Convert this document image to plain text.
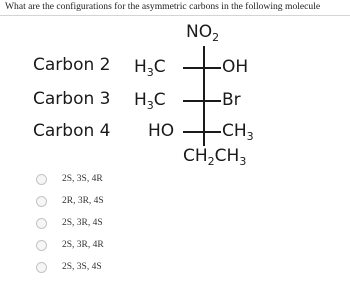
What are the configurations for the asymmetric carbons in the following molecule
$NO_2$
Carbon 2 $H_3C$	OH
Carbon 3 $H_3C$	Br
Carbon 4 HO	$CH_3$
$CH_2CH_3$
2S, 3S, 4R
2R, 3R, 4S
2S, 3R, 4S
2S, 3R, 4R
2S, 3S, 4S
